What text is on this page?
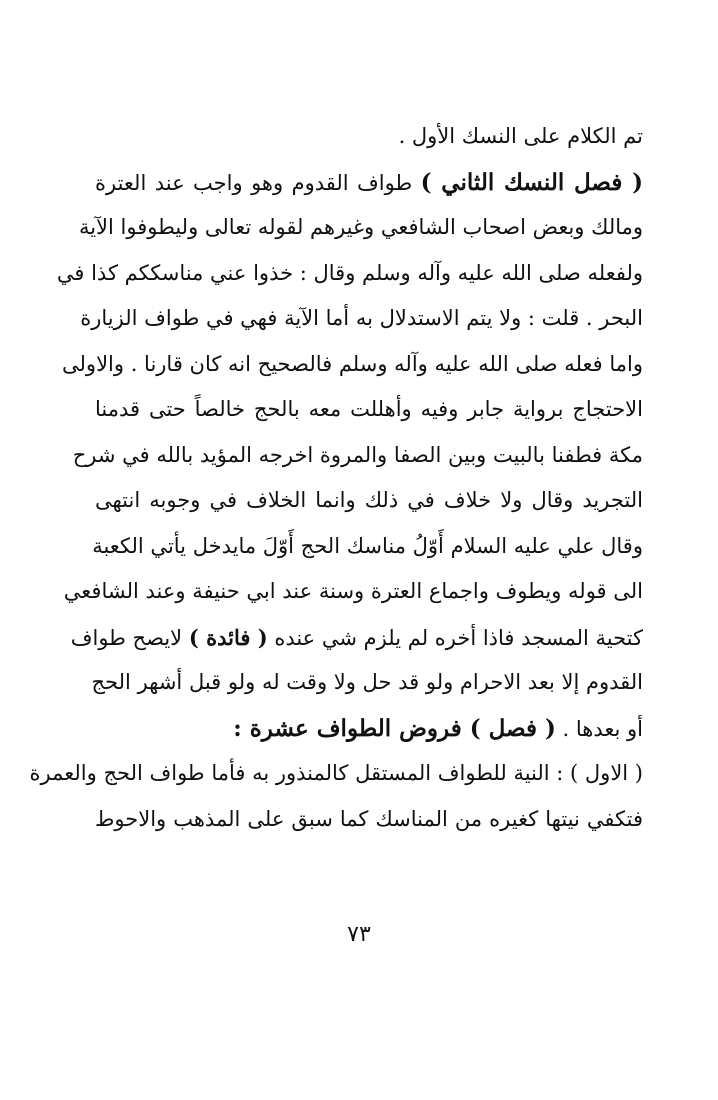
تم الكلام على النسك الأول .
( فصل النسك الثاني ) طواف القدوم وهو واجب عند العترة
ومالك وبعض اصحاب الشافعي وغيرهم لقوله تعالى وليطوفوا الآية
ولفعله صلى الله عليه وآله وسلم وقال : خذوا عني مناسككم كذا في
البحر . قلت : ولا يتم الاستدلال به أما الآية فهي في طواف الزيارة
واما فعله صلى الله عليه وآله وسلم فالصحيح انه كان قارنا . والاولى
الاحتجاج برواية جابر وفيه وأهللت معه بالحج خالصاً حتى قدمنا
مكة فطفنا بالبيت وبين الصفا والمروة اخرجه المؤيد بالله في شرح
التجريد وقال ولا خلاف في ذلك وانما الخلاف في وجوبه انتهى
وقال علي عليه السلام أَوّلُ مناسك الحج أَوّلَ مايدخل يأتي الكعبة
الى قوله ويطوف واجماع العترة وسنة عند ابي حنيفة وعند الشافعي
كتحية المسجد فاذا أخره لم يلزم شي عنده ( فائدة ) لايصح طواف
القدوم إلا بعد الاحرام ولو قد حل ولا وقت له ولو قبل أشهر الحج
أو بعدها . ( فصل ) فروض الطواف عشرة :
( الاول ) : النية للطواف المستقل كالمنذور به فأما طواف الحج والعمرة
فتكفي نيتها كغيره من المناسك كما سبق على المذهب والاحوط
٧٣
